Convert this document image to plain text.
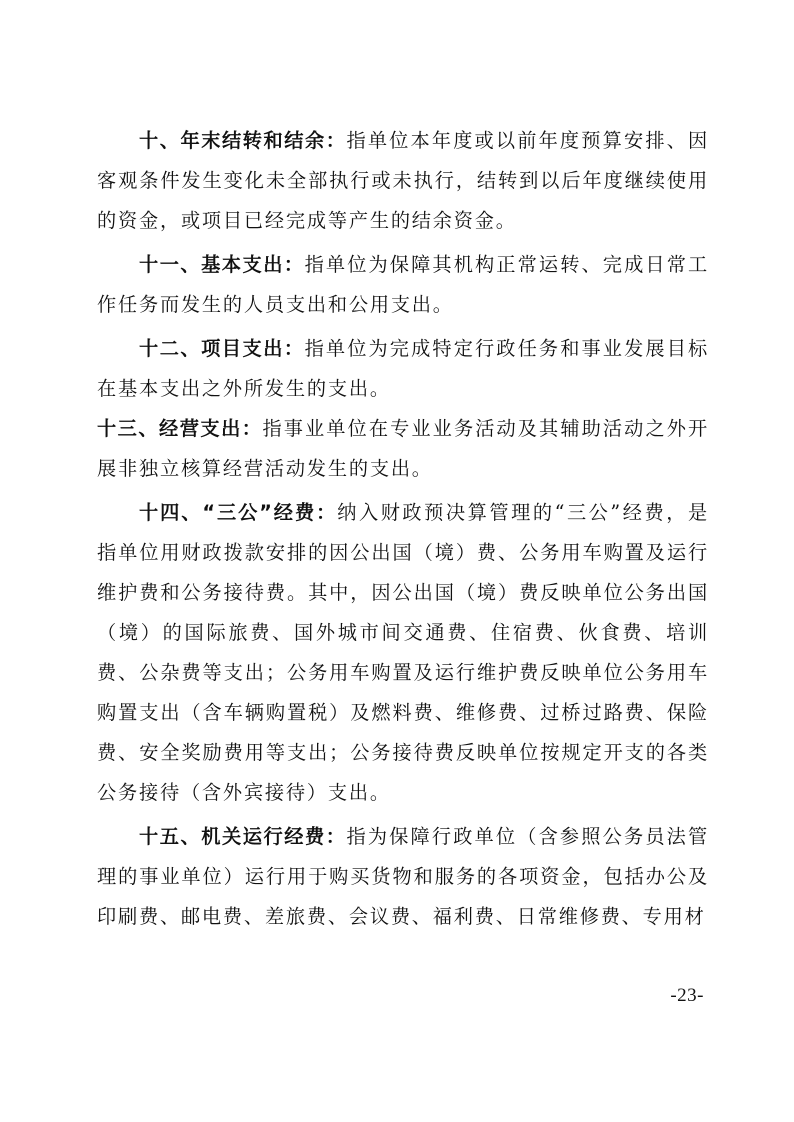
十、年末结转和结余：指单位本年度或以前年度预算安排、因客观条件发生变化未全部执行或未执行，结转到以后年度继续使用的资金，或项目已经完成等产生的结余资金。

十一、基本支出：指单位为保障其机构正常运转、完成日常工作任务而发生的人员支出和公用支出。

十二、项目支出：指单位为完成特定行政任务和事业发展目标在基本支出之外所发生的支出。

十三、经营支出：指事业单位在专业业务活动及其辅助活动之外开展非独立核算经营活动发生的支出。

十四、“三公”经费：纳入财政预决算管理的“三公”经费，是指单位用财政拨款安排的因公出国（境）费、公务用车购置及运行维护费和公务接待费。其中，因公出国（境）费反映单位公务出国（境）的国际旅费、国外城市间交通费、住宿费、伙食费、培训费、公杂费等支出；公务用车购置及运行维护费反映单位公务用车购置支出（含车辆购置税）及燃料费、维修费、过桥过路费、保险费、安全奖励费用等支出；公务接待费反映单位按规定开支的各类公务接待（含外宾接待）支出。

十五、机关运行经费：指为保障行政单位（含参照公务员法管理的事业单位）运行用于购买货物和服务的各项资金，包括办公及印刷费、邮电费、差旅费、会议费、福利费、日常维修费、专用材

-23-
